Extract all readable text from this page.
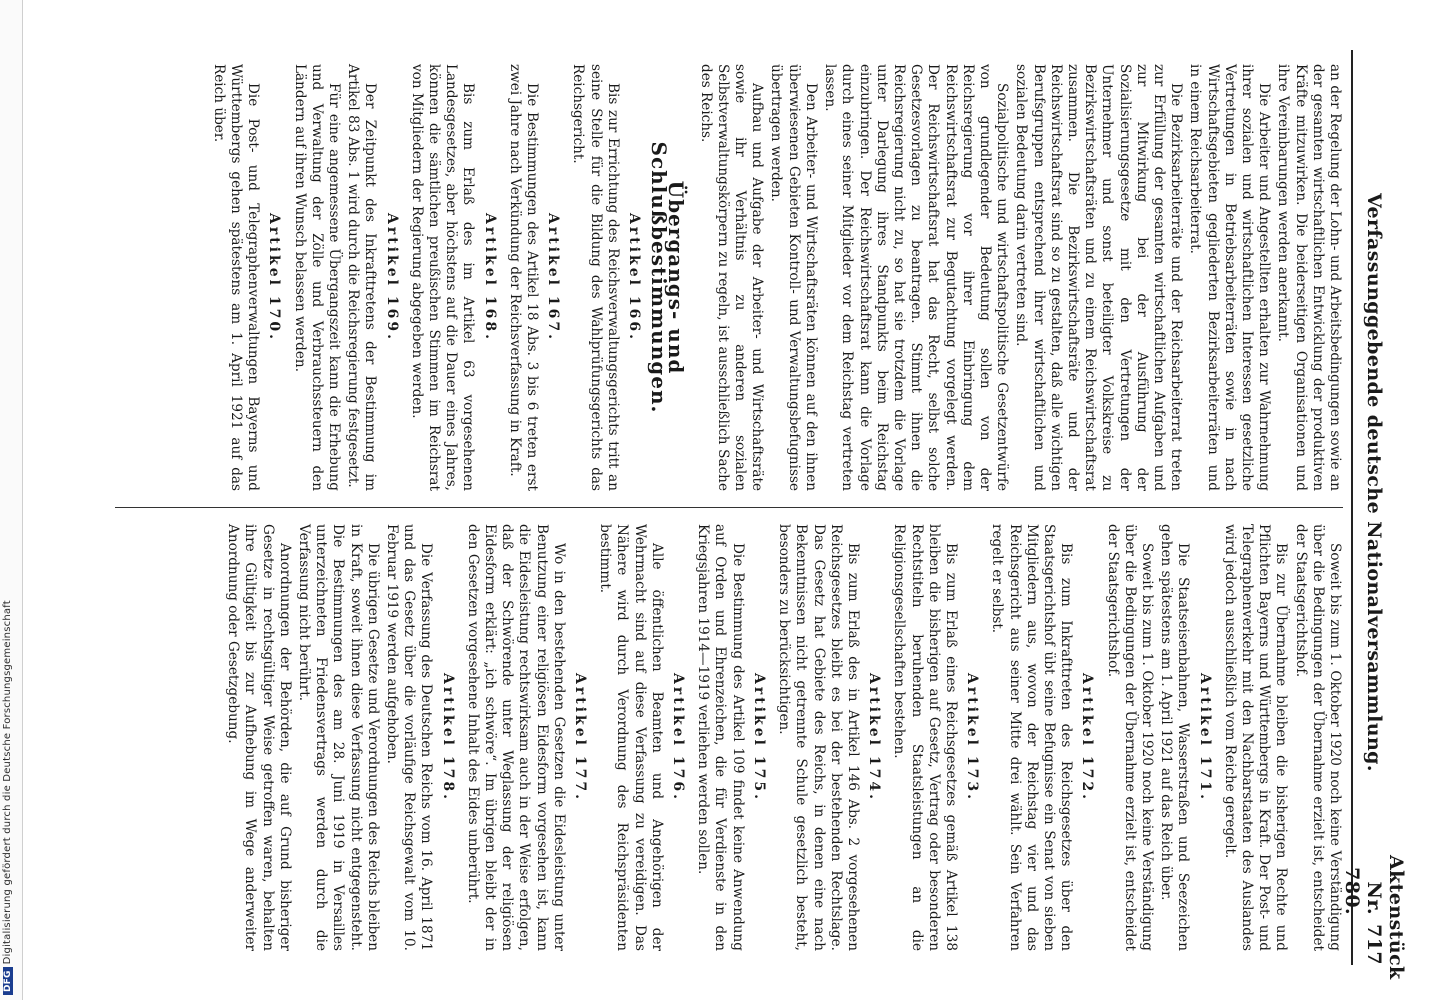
DFGDigitalisierung gefördert durch die Deutsche Forschungsgemeinschaft
Verfassunggebende deutsche Nationalversammlung.
Aktenstück Nr. 780.
717

an der Regelung der Lohn- und Arbeitsbedingungen sowie an der gesamten wirtschaftlichen Entwicklung der produktiven Kräfte mitzuwirken. Die beiderseitigen Organisationen und ihre Vereinbarungen werden anerkannt.

Die Arbeiter und Angestellten erhalten zur Wahrnehmung ihrer sozialen und wirtschaftlichen Interessen gesetzliche Vertretungen in Betriebsarbeiterräten sowie in nach Wirtschaftsgebieten gegliederten Bezirksarbeiterräten und in einem Reichsarbeiterrat.

Die Bezirksarbeiterräte und der Reichsarbeiterrat treten zur Erfüllung der gesamten wirtschaftlichen Aufgaben und zur Mitwirkung bei der Ausführung der Sozialisierungsgesetze mit den Vertretungen der Unternehmer und sonst beteiligter Volkskreise zu Bezirkswirtschaftsräten und zu einem Reichswirtschaftsrat zusammen. Die Bezirkswirtschaftsräte und der Reichswirtschaftsrat sind so zu gestalten, daß alle wichtigen Berufsgruppen entsprechend ihrer wirtschaftlichen und sozialen Bedeutung darin vertreten sind.

Sozialpolitische und wirtschaftspolitische Gesetzentwürfe von grundlegender Bedeutung sollen von der Reichsregierung vor ihrer Einbringung dem Reichswirtschaftsrat zur Begutachtung vorgelegt werden. Der Reichswirtschaftsrat hat das Recht, selbst solche Gesetzesvorlagen zu beantragen. Stimmt ihnen die Reichsregierung nicht zu, so hat sie trotzdem die Vorlage unter Darlegung ihres Standpunkts beim Reichstag einzubringen. Der Reichswirtschaftsrat kann die Vorlage durch eines seiner Mitglieder vor dem Reichstag vertreten lassen.

Den Arbeiter- und Wirtschaftsräten können auf den ihnen überwiesenen Gebieten Kontroll- und Verwaltungsbefugnisse übertragen werden.

Aufbau und Aufgabe der Arbeiter- und Wirtschaftsräte sowie ihr Verhältnis zu anderen sozialen Selbstverwaltungskörpern zu regeln, ist ausschließlich Sache des Reichs.

Übergangs- und Schlußbestimmungen.
Artikel 166.

Bis zur Errichtung des Reichsverwaltungsgerichts tritt an seine Stelle für die Bildung des Wahlprüfungsgerichts das Reichsgericht.

Artikel 167.

Die Bestimmungen des Artikel 18 Abs. 3 bis 6 treten erst zwei Jahre nach Verkündung der Reichsverfassung in Kraft.

Artikel 168.

Bis zum Erlaß des im Artikel 63 vorgesehenen Landesgesetzes, aber höchstens auf die Dauer eines Jahres, können die sämtlichen preußischen Stimmen im Reichsrat von Mitgliedern der Regierung abgegeben werden.

Artikel 169.

Der Zeitpunkt des Inkrafttretens der Bestimmung im Artikel 83 Abs. 1 wird durch die Reichsregierung festgesetzt.

Für eine angemessene Übergangszeit kann die Erhebung und Verwaltung der Zölle und Verbrauchssteuern den Ländern auf ihren Wunsch belassen werden.

Artikel 170.

Die Post- und Telegraphenverwaltungen Bayerns und Württembergs gehen spätestens am 1. April 1921 auf das Reich über.

Soweit bis zum 1. Oktober 1920 noch keine Verständigung über die Bedingungen der Übernahme erzielt ist, entscheidet der Staatsgerichtshof.

Bis zur Übernahme bleiben die bisherigen Rechte und Pflichten Bayerns und Württembergs in Kraft. Der Post- und Telegraphenverkehr mit den Nachbarstaaten des Auslandes wird jedoch ausschließlich vom Reiche geregelt.

Artikel 171.

Die Staatseisenbahnen, Wasserstraßen und Seezeichen gehen spätestens am 1. April 1921 auf das Reich über.

Soweit bis zum 1. Oktober 1920 noch keine Verständigung über die Bedingungen der Übernahme erzielt ist, entscheidet der Staatsgerichtshof.

Artikel 172.

Bis zum Inkrafttreten des Reichsgesetzes über den Staatsgerichtshof übt seine Befugnisse ein Senat von sieben Mitgliedern aus, wovon der Reichstag vier und das Reichsgericht aus seiner Mitte drei wählt. Sein Verfahren regelt er selbst.

Artikel 173.

Bis zum Erlaß eines Reichsgesetzes gemäß Artikel 138 bleiben die bisherigen auf Gesetz, Vertrag oder besonderen Rechtstiteln beruhenden Staatsleistungen an die Religionsgesellschaften bestehen.

Artikel 174.

Bis zum Erlaß des in Artikel 146 Abs. 2 vorgesehenen Reichsgesetzes bleibt es bei der bestehenden Rechtslage. Das Gesetz hat Gebiete des Reichs, in denen eine nach Bekenntnissen nicht getrennte Schule gesetzlich besteht, besonders zu berücksichtigen.

Artikel 175.

Die Bestimmung des Artikel 109 findet keine Anwendung auf Orden und Ehrenzeichen, die für Verdienste in den Kriegsjahren 1914—1919 verliehen werden sollen.

Artikel 176.

Alle öffentlichen Beamten und Angehörigen der Wehrmacht sind auf diese Verfassung zu vereidigen. Das Nähere wird durch Verordnung des Reichspräsidenten bestimmt.

Artikel 177.

Wo in den bestehenden Gesetzen die Eidesleistung unter Benutzung einer religiösen Eidesform vorgesehen ist, kann die Eidesleistung rechtswirksam auch in der Weise erfolgen, daß der Schwörende unter Weglassung der religiösen Eidesform erklärt: „ich schwöre“. Im übrigen bleibt der in den Gesetzen vorgesehene Inhalt des Eides unberührt.

Artikel 178.

Die Verfassung des Deutschen Reichs vom 16. April 1871 und das Gesetz über die vorläufige Reichsgewalt vom 10. Februar 1919 werden aufgehoben.

Die übrigen Gesetze und Verordnungen des Reichs bleiben in Kraft, soweit ihnen diese Verfassung nicht entgegensteht. Die Bestimmungen des am 28. Juni 1919 in Versailles unterzeichneten Friedensvertrags werden durch die Verfassung nicht berührt.

Anordnungen der Behörden, die auf Grund bisheriger Gesetze in rechtsgültiger Weise getroffen waren, behalten ihre Gültigkeit bis zur Aufhebung im Wege anderweiter Anordnung oder Gesetzgebung.
